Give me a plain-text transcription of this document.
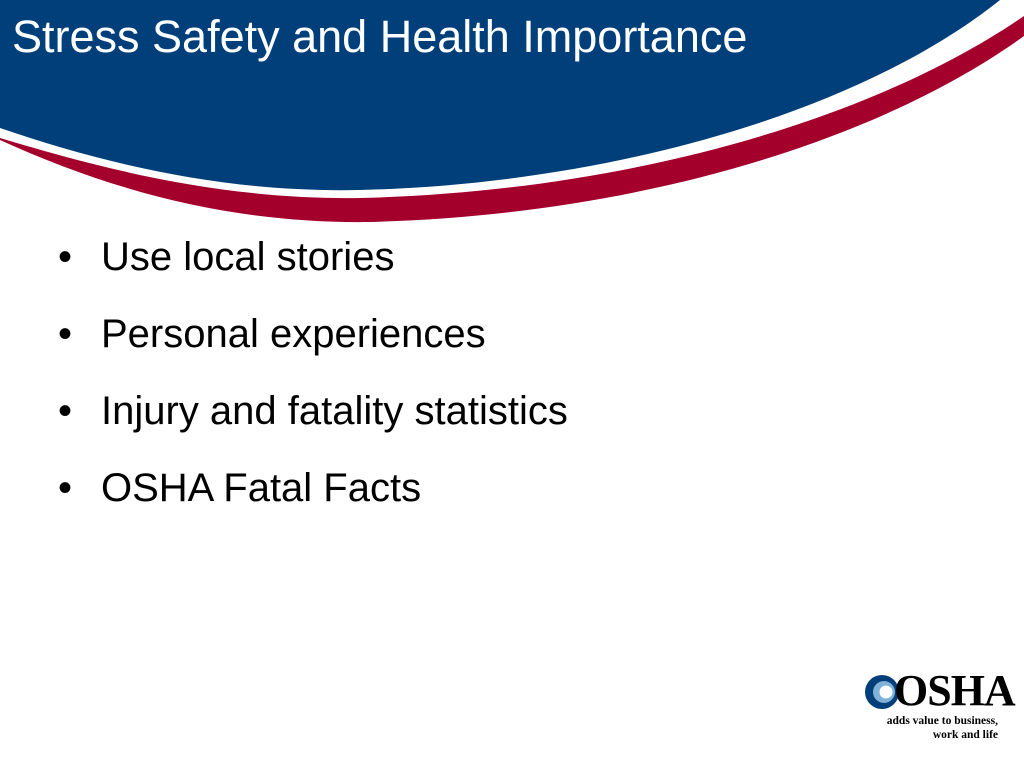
Stress Safety and Health Importance
• Use local stories
• Personal experiences
• Injury and fatality statistics
• OSHA Fatal Facts
OSHA
adds value to business,
work and life
